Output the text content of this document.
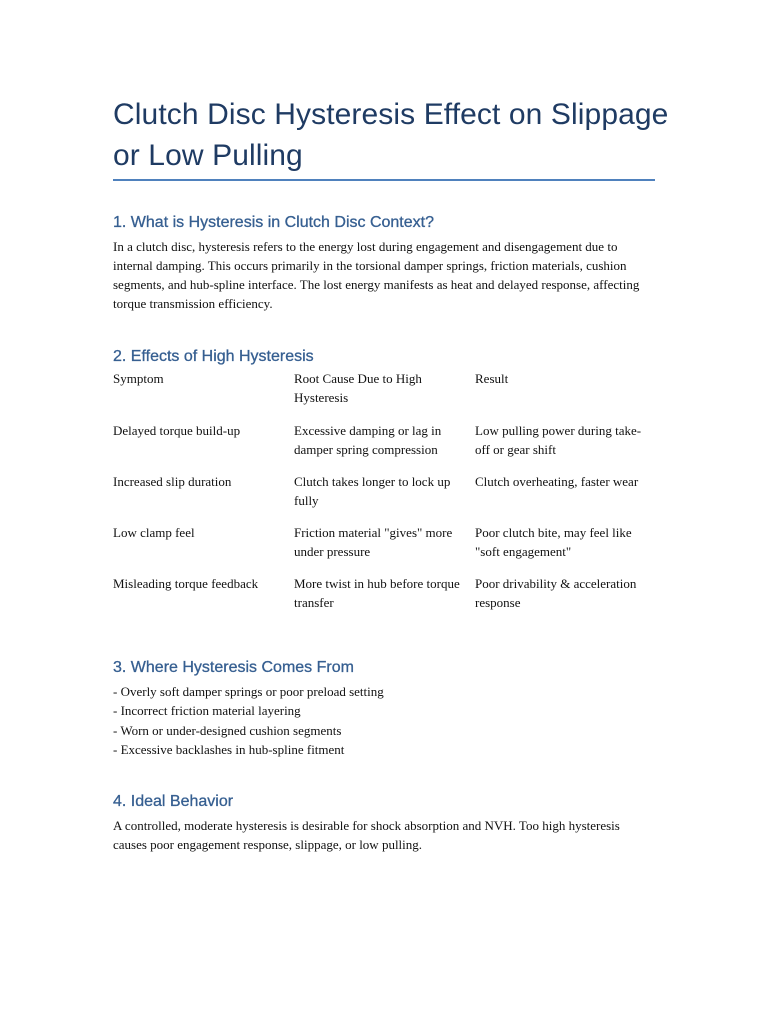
Clutch Disc Hysteresis Effect on Slippage or Low Pulling
1. What is Hysteresis in Clutch Disc Context?

In a clutch disc, hysteresis refers to the energy lost during engagement and disengagement due to internal damping. This occurs primarily in the torsional damper springs, friction materials, cushion segments, and hub-spline interface. The lost energy manifests as heat and delayed response, affecting torque transmission efficiency.

2. Effects of High Hysteresis
Symptom	Root Cause Due to High Hysteresis	Result
Delayed torque build-up	Excessive damping or lag in damper spring compression	Low pulling power during take-off or gear shift
Increased slip duration	Clutch takes longer to lock up fully	Clutch overheating, faster wear
Low clamp feel	Friction material "gives" more under pressure	Poor clutch bite, may feel like "soft engagement"
Misleading torque feedback	More twist in hub before torque transfer	Poor drivability & acceleration response
3. Where Hysteresis Comes From
- Overly soft damper springs or poor preload setting
- Incorrect friction material layering
- Worn or under-designed cushion segments
- Excessive backlashes in hub-spline fitment
4. Ideal Behavior

A controlled, moderate hysteresis is desirable for shock absorption and NVH. Too high hysteresis causes poor engagement response, slippage, or low pulling.
